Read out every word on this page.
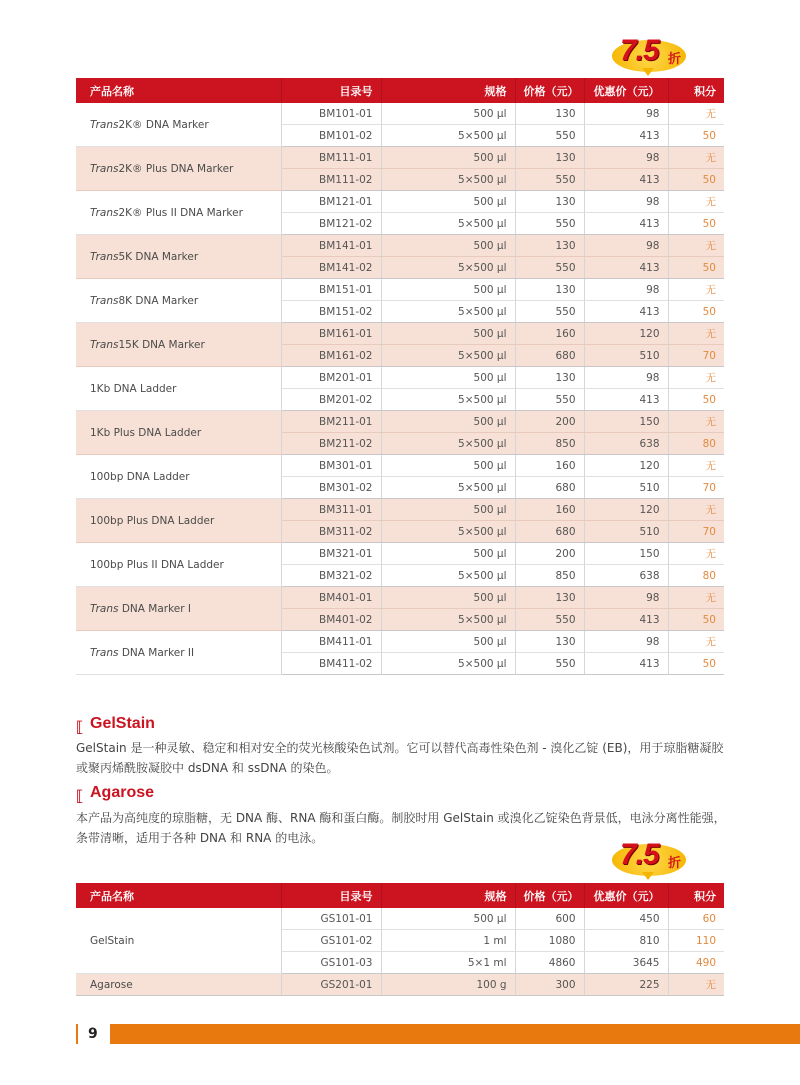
7.5 折
产品名称	目录号	规格	价格（元）	优惠价（元）	积分
Trans2K® DNA Marker	BM101-01	500 µl	130	98	无
	BM101-02	5×500 µl	550	413	50
Trans2K® Plus DNA Marker	BM111-01	500 µl	130	98	无
	BM111-02	5×500 µl	550	413	50
Trans2K® Plus II DNA Marker	BM121-01	500 µl	130	98	无
	BM121-02	5×500 µl	550	413	50
Trans5K DNA Marker	BM141-01	500 µl	130	98	无
	BM141-02	5×500 µl	550	413	50
Trans8K DNA Marker	BM151-01	500 µl	130	98	无
	BM151-02	5×500 µl	550	413	50
Trans15K DNA Marker	BM161-01	500 µl	160	120	无
	BM161-02	5×500 µl	680	510	70
1Kb DNA Ladder	BM201-01	500 µl	130	98	无
	BM201-02	5×500 µl	550	413	50
1Kb Plus DNA Ladder	BM211-01	500 µl	200	150	无
	BM211-02	5×500 µl	850	638	80
100bp DNA Ladder	BM301-01	500 µl	160	120	无
	BM301-02	5×500 µl	680	510	70
100bp Plus DNA Ladder	BM311-01	500 µl	160	120	无
	BM311-02	5×500 µl	680	510	70
100bp Plus II DNA Ladder	BM321-01	500 µl	200	150	无
	BM321-02	5×500 µl	850	638	80
Trans DNA Marker I	BM401-01	500 µl	130	98	无
	BM401-02	5×500 µl	550	413	50
Trans DNA Marker II	BM411-01	500 µl	130	98	无
	BM411-02	5×500 µl	550	413	50
⟦ GelStain
GelStain 是一种灵敏、稳定和相对安全的荧光核酸染色试剂。它可以替代高毒性染色剂 - 溴化乙锭 (EB)，用于琼脂糖凝胶
或聚丙烯酰胺凝胶中 dsDNA 和 ssDNA 的染色。
⟦ Agarose
本产品为高纯度的琼脂糖，无 DNA 酶、RNA 酶和蛋白酶。制胶时用 GelStain 或溴化乙锭染色背景低，电泳分离性能强，
条带清晰，适用于各种 DNA 和 RNA 的电泳。	7.5 折
产品名称	目录号	规格	价格（元）	优惠价（元）	积分
GelStain	GS101-01	500 µl	600	450	60
	GS101-02	1 ml	1080	810	110
	GS101-03	5×1 ml	4860	3645	490
Agarose	GS201-01	100 g	300	225	无
9
